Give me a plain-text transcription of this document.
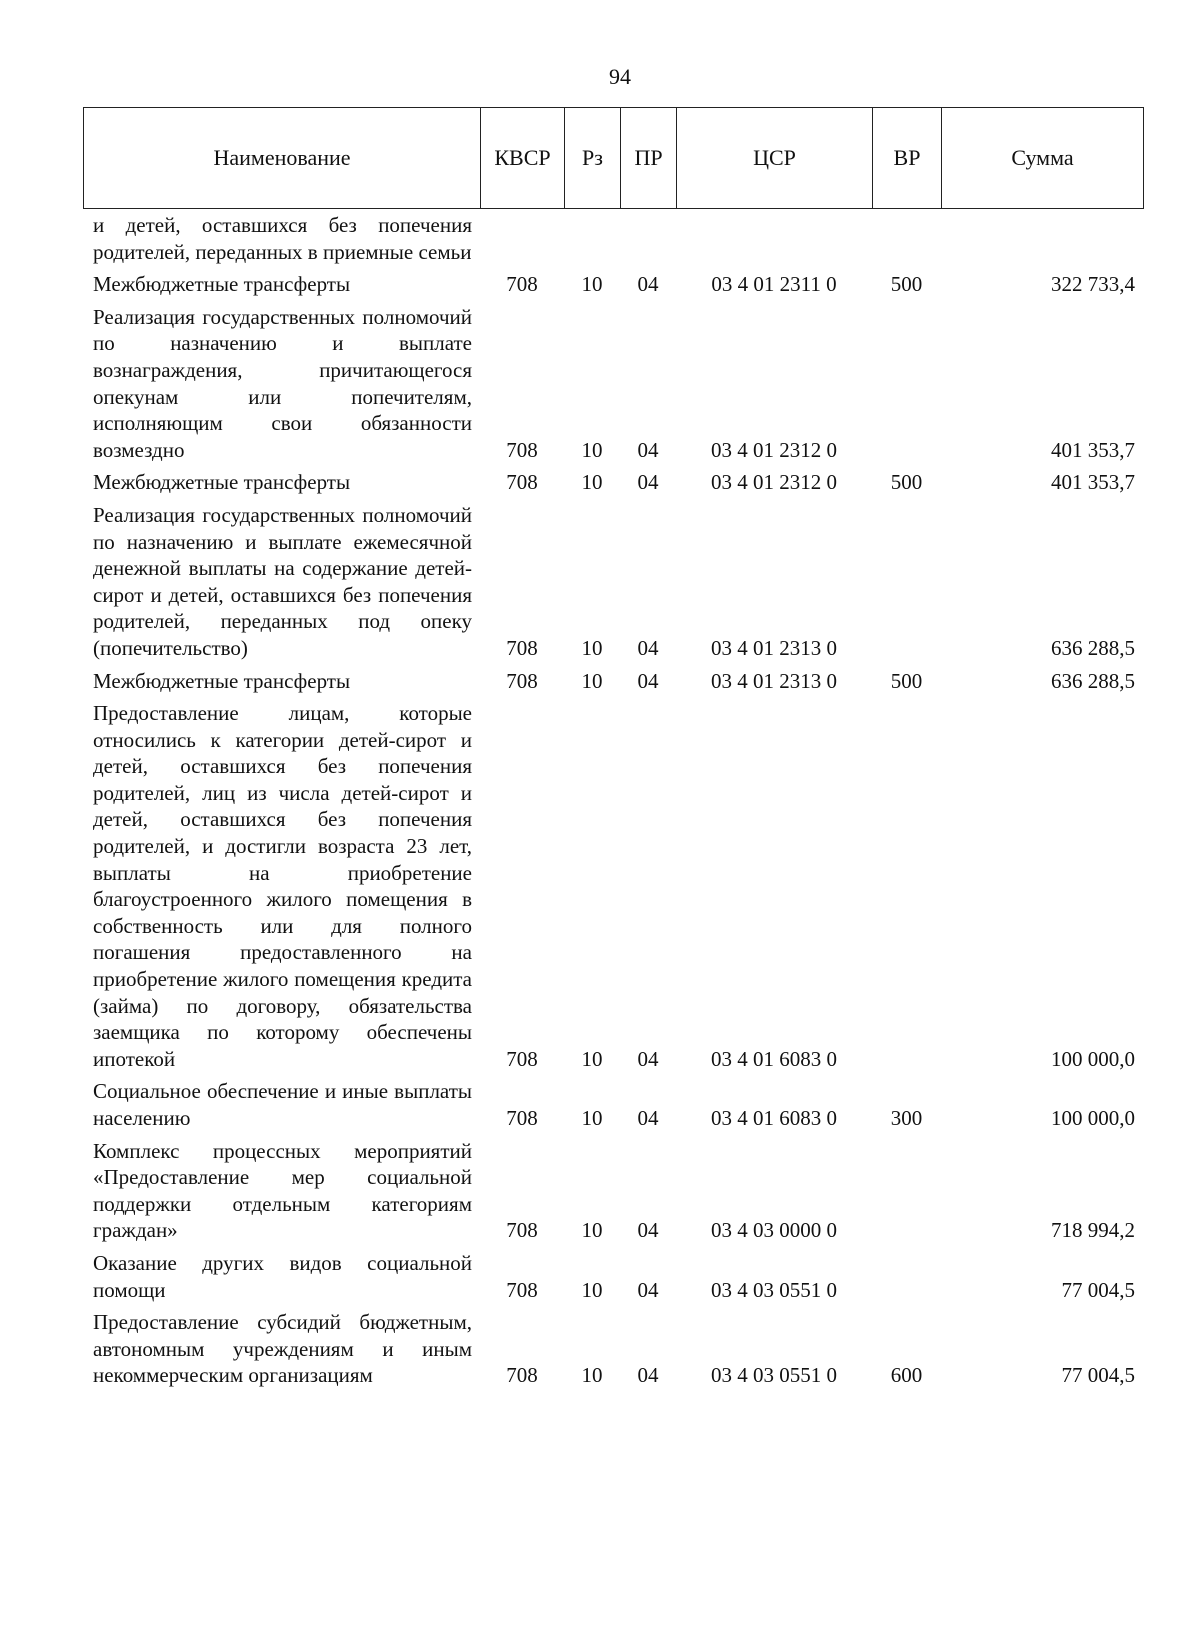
94
Наименование	КВСР	Рз	ПР	ЦСР	ВР	Сумма
и детей, оставшихся без попечения родителей, переданных в приемные семьи						
Межбюджетные трансферты	708	10	04	03 4 01 2311 0	500	322 733,4
Реализация государственных полномочий по назначению и выплате вознаграждения, причитающегося опекунам или попечителям, исполняющим свои обязанности возмездно	708	10	04	03 4 01 2312 0		401 353,7
Межбюджетные трансферты	708	10	04	03 4 01 2312 0	500	401 353,7
Реализация государственных полномочий по назначению и выплате ежемесячной денежной выплаты на содержание детей-сирот и детей, оставшихся без попечения родителей, переданных под опеку (попечительство)	708	10	04	03 4 01 2313 0		636 288,5
Межбюджетные трансферты	708	10	04	03 4 01 2313 0	500	636 288,5
Предоставление лицам, которые относились к категории детей-сирот и детей, оставшихся без попечения родителей, лиц из числа детей-сирот и детей, оставшихся без попечения родителей, и достигли возраста 23 лет, выплаты на приобретение благоустроенного жилого помещения в собственность или для полного погашения предоставленного на приобретение жилого помещения кредита (займа) по договору, обязательства заемщика по которому обеспечены ипотекой	708	10	04	03 4 01 6083 0		100 000,0
Социальное обеспечение и иные выплаты населению	708	10	04	03 4 01 6083 0	300	100 000,0
Комплекс процессных мероприятий «Предоставление мер социальной поддержки отдельным категориям граждан»	708	10	04	03 4 03 0000 0		718 994,2
Оказание других видов социальной помощи	708	10	04	03 4 03 0551 0		77 004,5
Предоставление субсидий бюджетным, автономным учреждениям и иным некоммерческим организациям	708	10	04	03 4 03 0551 0	600	77 004,5
